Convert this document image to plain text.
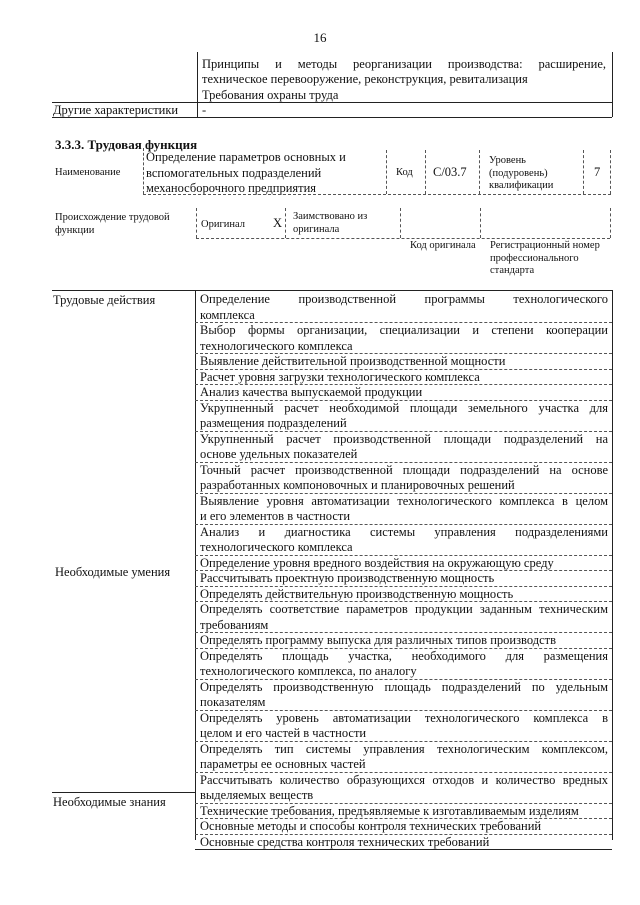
16
Принципы и методы реорганизации производства: расширение,
техническое перевооружение, реконструкция, ревитализация
Требования охраны труда
Другие характеристики -
3.3.3. Трудовая функция
Наименование
Определение параметров основных и
вспомогательных подразделений
механосборочного предприятия
Код C/03.7
Уровень
(подуровень)
квалификации
7
Происхождение трудовой
функции	Оригинал X Заимствовано из
оригинала
Код оригинала Регистрационный номер
профессионального
стандарта
Трудовые действия
Необходимые умения
Необходимые знания
Определение производственной программы технологического
комплекса
Выбор формы организации, специализации и степени кооперации
технологического комплекса
Выявление действительной производственной мощности
Расчет уровня загрузки технологического комплекса
Анализ качества выпускаемой продукции
Укрупненный расчет необходимой площади земельного участка для
размещения подразделений
Укрупненный расчет производственной площади подразделений на
основе удельных показателей
Точный расчет производственной площади подразделений на основе
разработанных компоновочных и планировочных решений
Выявление уровня автоматизации технологического комплекса в целом
и его элементов в частности
Анализ и диагностика системы управления подразделениями
технологического комплекса
Определение уровня вредного воздействия на окружающую среду
Рассчитывать проектную производственную мощность
Определять действительную производственную мощность
Определять соответствие параметров продукции заданным техническим
требованиям
Определять программу выпуска для различных типов производств
Определять площадь участка, необходимого для размещения
технологического комплекса, по аналогу
Определять производственную площадь подразделений по удельным
показателям
Определять уровень автоматизации технологического комплекса в
целом и его частей в частности
Определять тип системы управления технологическим комплексом,
параметры ее основных частей
Рассчитывать количество образующихся отходов и количество вредных
выделяемых веществ
Технические требования, предъявляемые к изготавливаемым изделиям
Основные методы и способы контроля технических требований
Основные средства контроля технических требований
